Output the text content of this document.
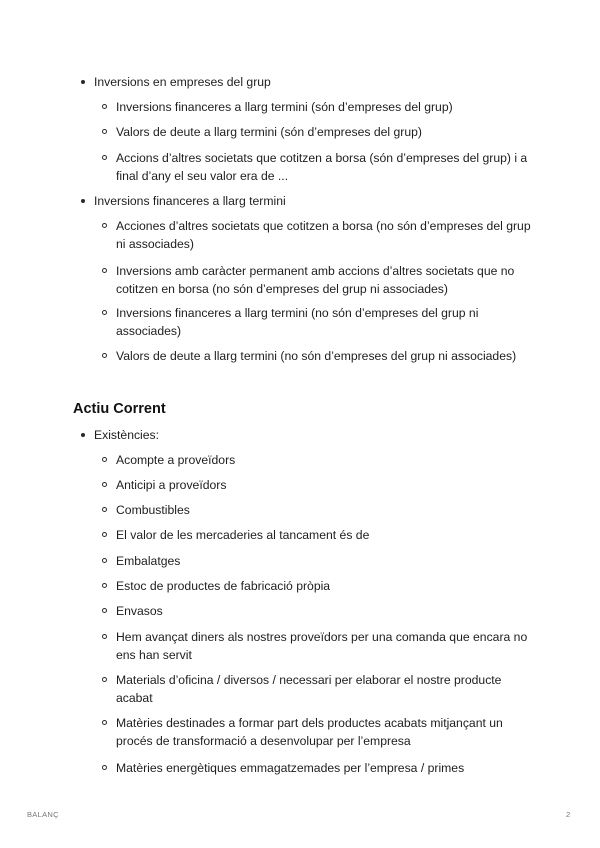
Inversions en empreses del grup
Inversions financeres a llarg termini (són d’empreses del grup)
Valors de deute a llarg termini (són d’empreses del grup)
Accions d’altres societats que cotitzen a borsa (són d’empreses del grup) i a final d’any el seu valor era de ...
Inversions financeres a llarg termini
Acciones d’altres societats que cotitzen a borsa (no són d’empreses del grup ni associades)
Inversions amb caràcter permanent amb accions d’altres societats que no cotitzen en borsa (no són d’empreses del grup ni associades)
Inversions financeres a llarg termini (no són d’empreses del grup ni associades)
Valors de deute a llarg termini (no són d’empreses del grup ni associades)
Actiu Corrent
Existències:
Acompte a proveïdors
Anticipi a proveïdors
Combustibles
El valor de les mercaderies al tancament és de
Embalatges
Estoc de productes de fabricació pròpia
Envasos
Hem avançat diners als nostres proveïdors per una comanda que encara no ens han servit
Materials d’oficina / diversos / necessari per elaborar el nostre producte acabat
Matèries destinades a formar part dels productes acabats mitjançant un procés de transformació a desenvolupar per l’empresa
Matèries energètiques emmagatzemades per l’empresa / primes
BALANÇ	2
